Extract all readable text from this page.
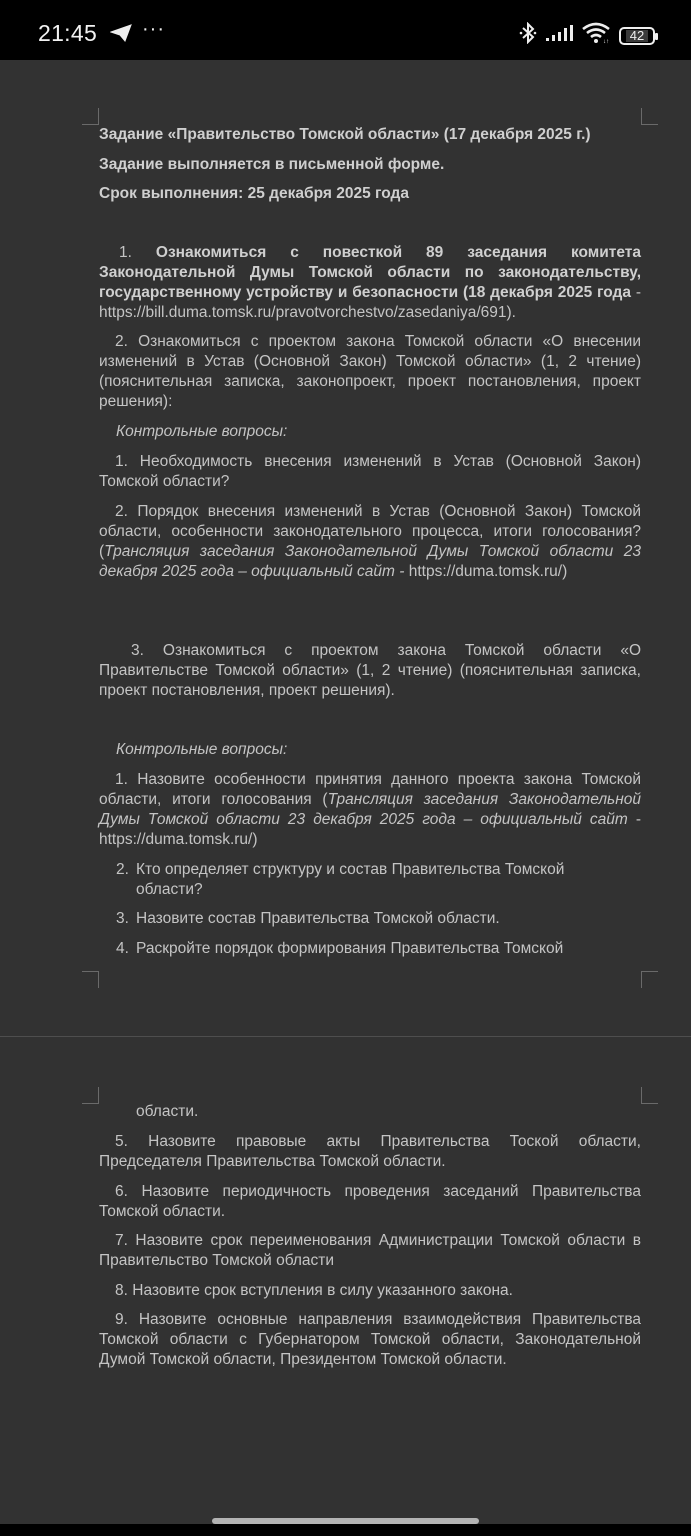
21:45 ···
↓↑	42
Задание «Правительство Томской области» (17 декабря 2025 г.)
Задание выполняется в письменной форме.
Срок выполнения: 25 декабря 2025 года
1. Ознакомиться с повесткой 89 заседания комитета Законодательной Думы Томской области по законодательству, государственному устройству и безопасности (18 декабря 2025 года - https://bill.duma.tomsk.ru/pravotvorchestvo/zasedaniya/691).
2. Ознакомиться с проектом закона Томской области «О внесении изменений в Устав (Основной Закон) Томской области» (1, 2 чтение) (пояснительная записка, законопроект, проект постановления, проект решения):
Контрольные вопросы:
1. Необходимость внесения изменений в Устав (Основной Закон) Томской области?
2. Порядок внесения изменений в Устав (Основной Закон) Томской области, особенности законодательного процесса, итоги голосования? (Трансляция заседания Законодательной Думы Томской области 23 декабря 2025 года – официальный сайт - https://duma.tomsk.ru/)
3. Ознакомиться с проектом закона Томской области «О Правительстве Томской области» (1, 2 чтение) (пояснительная записка, проект постановления, проект решения).
Контрольные вопросы:
1. Назовите особенности принятия данного проекта закона Томской области, итоги голосования (Трансляция заседания Законодательной Думы Томской области 23 декабря 2025 года – официальный сайт - https://duma.tomsk.ru/)
2. Кто определяет структуру и состав Правительства Томской области?
3. Назовите состав Правительства Томской области.
4. Раскройте порядок формирования Правительства Томской
области.
5. Назовите правовые акты Правительства Тоской области, Председателя Правительства Томской области.
6. Назовите периодичность проведения заседаний Правительства Томской области.
7. Назовите срок переименования Администрации Томской области в Правительство Томской области
8. Назовите срок вступления в силу указанного закона.
9. Назовите основные направления взаимодействия Правительства Томской области с Губернатором Томской области, Законодательной Думой Томской области, Президентом Томской области.
